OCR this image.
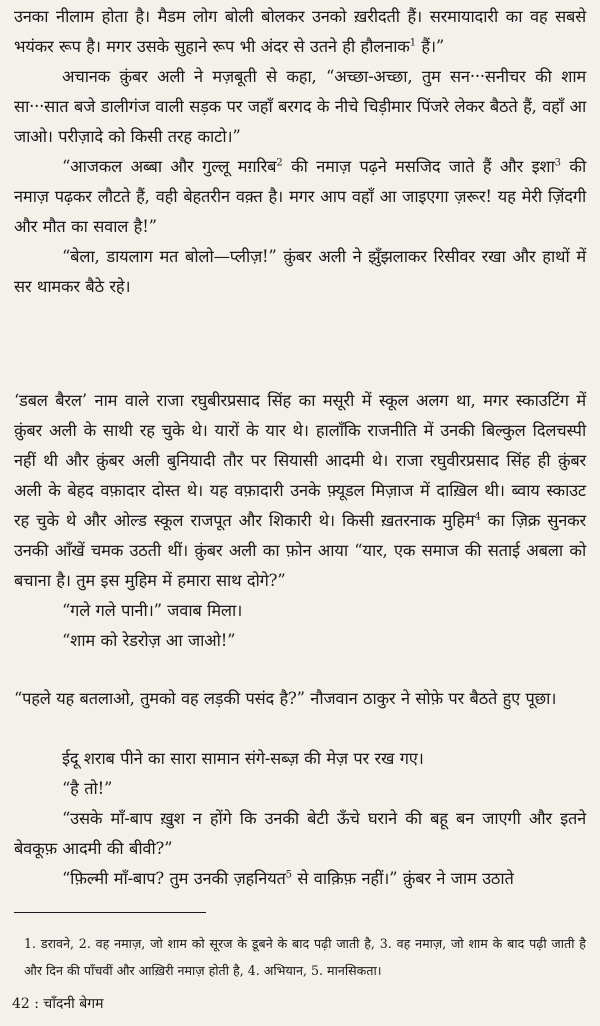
उनका नीलाम होता है। मैडम लोग बोली बोलकर उनको ख़रीदती हैं। सरमायादारी का वह सबसे भयंकर रूप है। मगर उसके सुहाने रूप भी अंदर से उतने ही हौलनाक$^1$ हैं।”

अचानक क़ुंबर अली ने मज़बूती से कहा, “अच्छा-अच्छा, तुम सन···सनीचर की शाम सा···सात बजे डालीगंज वाली सड़क पर जहाँ बरगद के नीचे चिड़ीमार पिंजरे लेकर बैठते हैं, वहाँ आ जाओ। परीज़ादे को किसी तरह काटो।”

“आजकल अब्बा और गुल्लू मग़रिब$^2$ की नमाज़ पढ़ने मसजिद जाते हैं और इशा$^3$ की नमाज़ पढ़कर लौटते हैं, वही बेहतरीन वक़्त है। मगर आप वहाँ आ जाइएगा ज़रूर! यह मेरी ज़िंदगी और मौत का सवाल है!”

“बेला, डायलाग मत बोलो—प्लीज़!” क़ुंबर अली ने झुँझलाकर रिसीवर रखा और हाथों में सर थामकर बैठे रहे।

‘डबल बैरल’ नाम वाले राजा रघुबीरप्रसाद सिंह का मसूरी में स्कूल अलग था, मगर स्काउटिंग में क़ुंबर अली के साथी रह चुके थे। यारों के यार थे। हालाँकि राजनीति में उनकी बिल्कुल दिलचस्पी नहीं थी और क़ुंबर अली बुनियादी तौर पर सियासी आदमी थे। राजा रघुवीरप्रसाद सिंह ही क़ुंबर अली के बेहद वफ़ादार दोस्त थे। यह वफ़ादारी उनके फ़्यूडल मिज़ाज में दाख़िल थी। ब्वाय स्काउट रह चुके थे और ओल्ड स्कूल राजपूत और शिकारी थे। किसी ख़तरनाक मुहिम$^4$ का ज़िक्र सुनकर उनकी आँखें चमक उठती थीं। क़ुंबर अली का फ़ोन आया “यार, एक समाज की सताई अबला को बचाना है। तुम इस मुहिम में हमारा साथ दोगे?”

“गले गले पानी।” जवाब मिला।

“शाम को रेडरोज़ आ जाओ!”

“पहले यह बतलाओ, तुमको वह लड़की पसंद है?” नौजवान ठाकुर ने सोफ़े पर बैठते हुए पूछा।

ईदू शराब पीने का सारा सामान संगे-सब्ज़ की मेज़ पर रख गए।

“है तो!”

“उसके माँ-बाप ख़ुश न होंगे कि उनकी बेटी ऊँचे घराने की बहू बन जाएगी और इतने बेवकूफ़ आदमी की बीवी?”

“फ़िल्मी माँ-बाप? तुम उनकी ज़हनियत$^5$ से वाक़िफ़ नहीं।” क़ुंबर ने जाम उठाते

1. डरावने, 2. वह नमाज़, जो शाम को सूरज के डूबने के बाद पढ़ी जाती है, 3. वह नमाज़, जो शाम के बाद पढ़ी जाती है और दिन की पाँचवीं और आख़िरी नमाज़ होती है, 4. अभियान, 5. मानसिकता।

42 : चाँदनी बेगम
